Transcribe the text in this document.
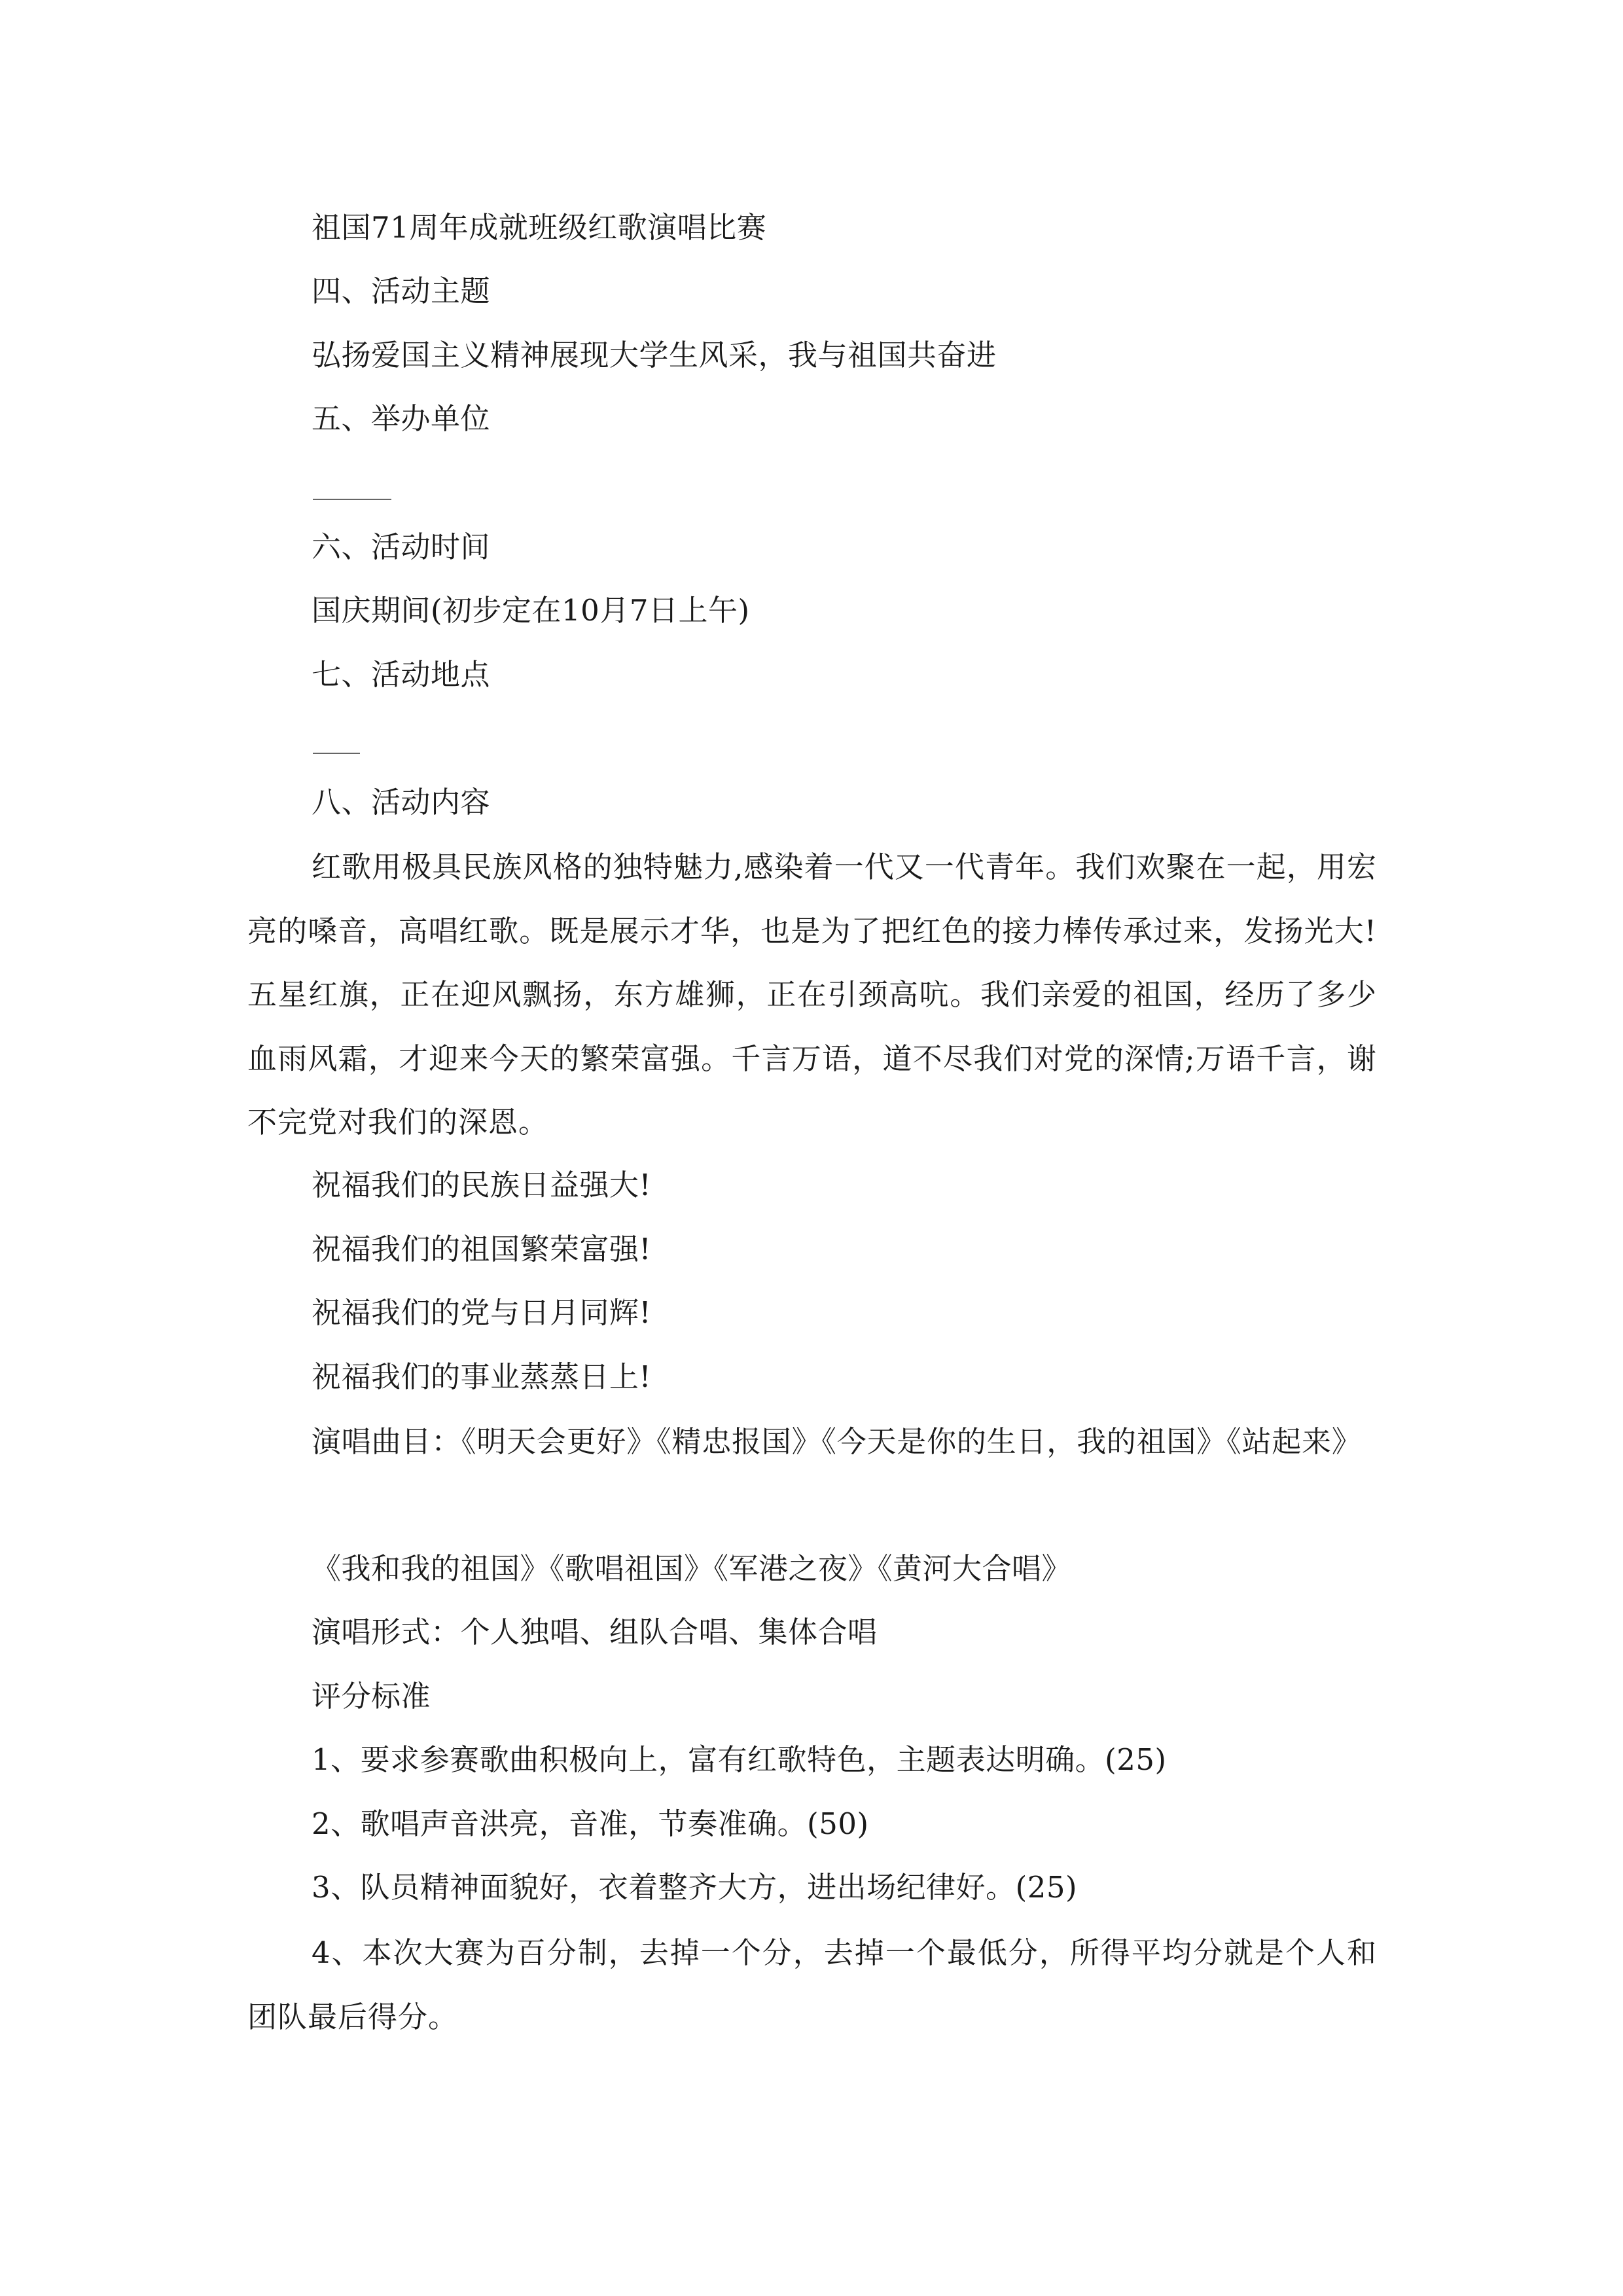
祖国71周年成就班级红歌演唱比赛
四、活动主题
弘扬爱国主义精神展现大学生风采，我与祖国共奋进
五、举办单位
六、活动时间
国庆期间(初步定在10月7日上午)
七、活动地点
八、活动内容
红歌用极具民族风格的独特魅力,感染着一代又一代青年。我们欢聚在一起，用宏亮的嗓音，高唱红歌。既是展示才华，也是为了把红色的接力棒传承过来，发扬光大!五星红旗，正在迎风飘扬，东方雄狮，正在引颈高吭。我们亲爱的祖国，经历了多少血雨风霜，才迎来今天的繁荣富强。千言万语，道不尽我们对党的深情;万语千言，谢不完党对我们的深恩。
祝福我们的民族日益强大!
祝福我们的祖国繁荣富强!
祝福我们的党与日月同辉!
祝福我们的事业蒸蒸日上!
演唱曲目：《明天会更好》《精忠报国》《今天是你的生日，我的祖国》《站起来》
《我和我的祖国》《歌唱祖国》《军港之夜》《黄河大合唱》
演唱形式：个人独唱、组队合唱、集体合唱
评分标准
1、要求参赛歌曲积极向上，富有红歌特色，主题表达明确。(25)
2、歌唱声音洪亮，音准，节奏准确。(50)
3、队员精神面貌好，衣着整齐大方，进出场纪律好。(25)
4、本次大赛为百分制，去掉一个分，去掉一个最低分，所得平均分就是个人和团队最后得分。
